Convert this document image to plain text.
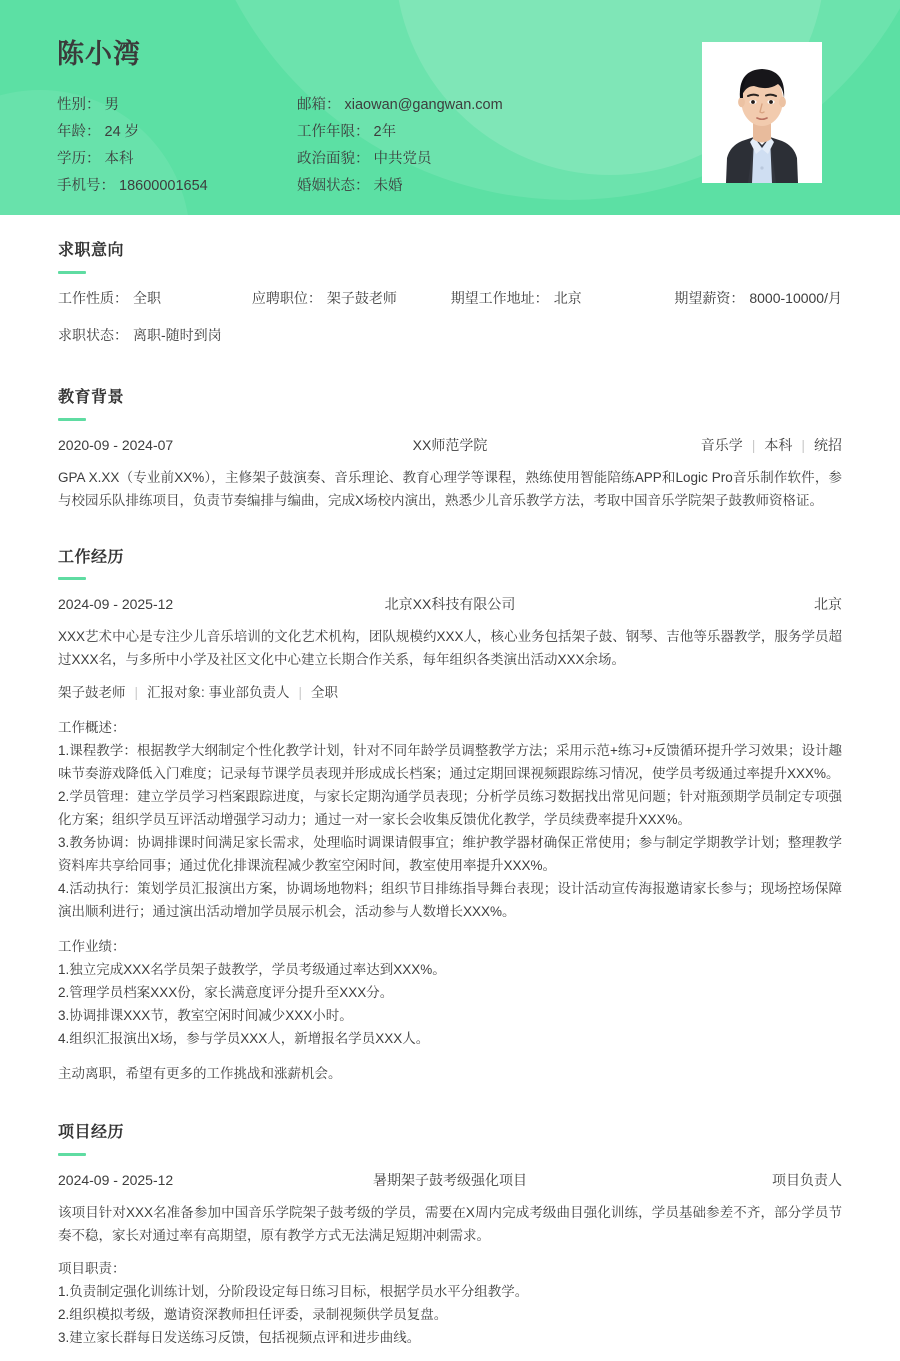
陈小湾
性别： 男	邮箱： xiaowan@gangwan.com
年龄： 24 岁	工作年限： 2年
学历： 本科	政治面貌： 中共党员
手机号： 18600001654	婚姻状态： 未婚
求职意向
工作性质： 全职	应聘职位： 架子鼓老师	期望工作地址： 北京	期望薪资： 8000-10000/月
求职状态： 离职-随时到岗
教育背景
2020-09 - 2024-07	XX师范学院	音乐学 | 本科 | 统招
GPA X.XX（专业前XX%），主修架子鼓演奏、音乐理论、教育心理学等课程，熟练使用智能陪练APP和Logic Pro音乐制作软件，参与校园乐队排练项目，负责节奏编排与编曲，完成X场校内演出，熟悉少儿音乐教学方法，考取中国音乐学院架子鼓教师资格证。
工作经历
2024-09 - 2025-12	北京XX科技有限公司	北京
XXX艺术中心是专注少儿音乐培训的文化艺术机构，团队规模约XXX人，核心业务包括架子鼓、钢琴、吉他等乐器教学，服务学员超过XXX名，与多所中小学及社区文化中心建立长期合作关系，每年组织各类演出活动XXX余场。
架子鼓老师 | 汇报对象: 事业部负责人 | 全职
工作概述：
1.课程教学：根据教学大纲制定个性化教学计划，针对不同年龄学员调整教学方法；采用示范+练习+反馈循环提升学习效果；设计趣味节奏游戏降低入门难度；记录每节课学员表现并形成成长档案；通过定期回课视频跟踪练习情况，使学员考级通过率提升XXX%。
2.学员管理：建立学员学习档案跟踪进度，与家长定期沟通学员表现；分析学员练习数据找出常见问题；针对瓶颈期学员制定专项强化方案；组织学员互评活动增强学习动力；通过一对一家长会收集反馈优化教学，学员续费率提升XXX%。
3.教务协调：协调排课时间满足家长需求，处理临时调课请假事宜；维护教学器材确保正常使用；参与制定学期教学计划；整理教学资料库共享给同事；通过优化排课流程减少教室空闲时间，教室使用率提升XXX%。
4.活动执行：策划学员汇报演出方案，协调场地物料；组织节目排练指导舞台表现；设计活动宣传海报邀请家长参与；现场控场保障演出顺利进行；通过演出活动增加学员展示机会，活动参与人数增长XXX%。
工作业绩：
1.独立完成XXX名学员架子鼓教学，学员考级通过率达到XXX%。
2.管理学员档案XXX份，家长满意度评分提升至XXX分。
3.协调排课XXX节，教室空闲时间减少XXX小时。
4.组织汇报演出X场，参与学员XXX人，新增报名学员XXX人。
主动离职，希望有更多的工作挑战和涨薪机会。
项目经历
2024-09 - 2025-12	暑期架子鼓考级强化项目	项目负责人
该项目针对XXX名准备参加中国音乐学院架子鼓考级的学员，需要在X周内完成考级曲目强化训练，学员基础参差不齐，部分学员节奏不稳，家长对通过率有高期望，原有教学方式无法满足短期冲刺需求。
项目职责：
1.负责制定强化训练计划，分阶段设定每日练习目标，根据学员水平分组教学。
2.组织模拟考级，邀请资深教师担任评委，录制视频供学员复盘。
3.建立家长群每日发送练习反馈，包括视频点评和进步曲线。
